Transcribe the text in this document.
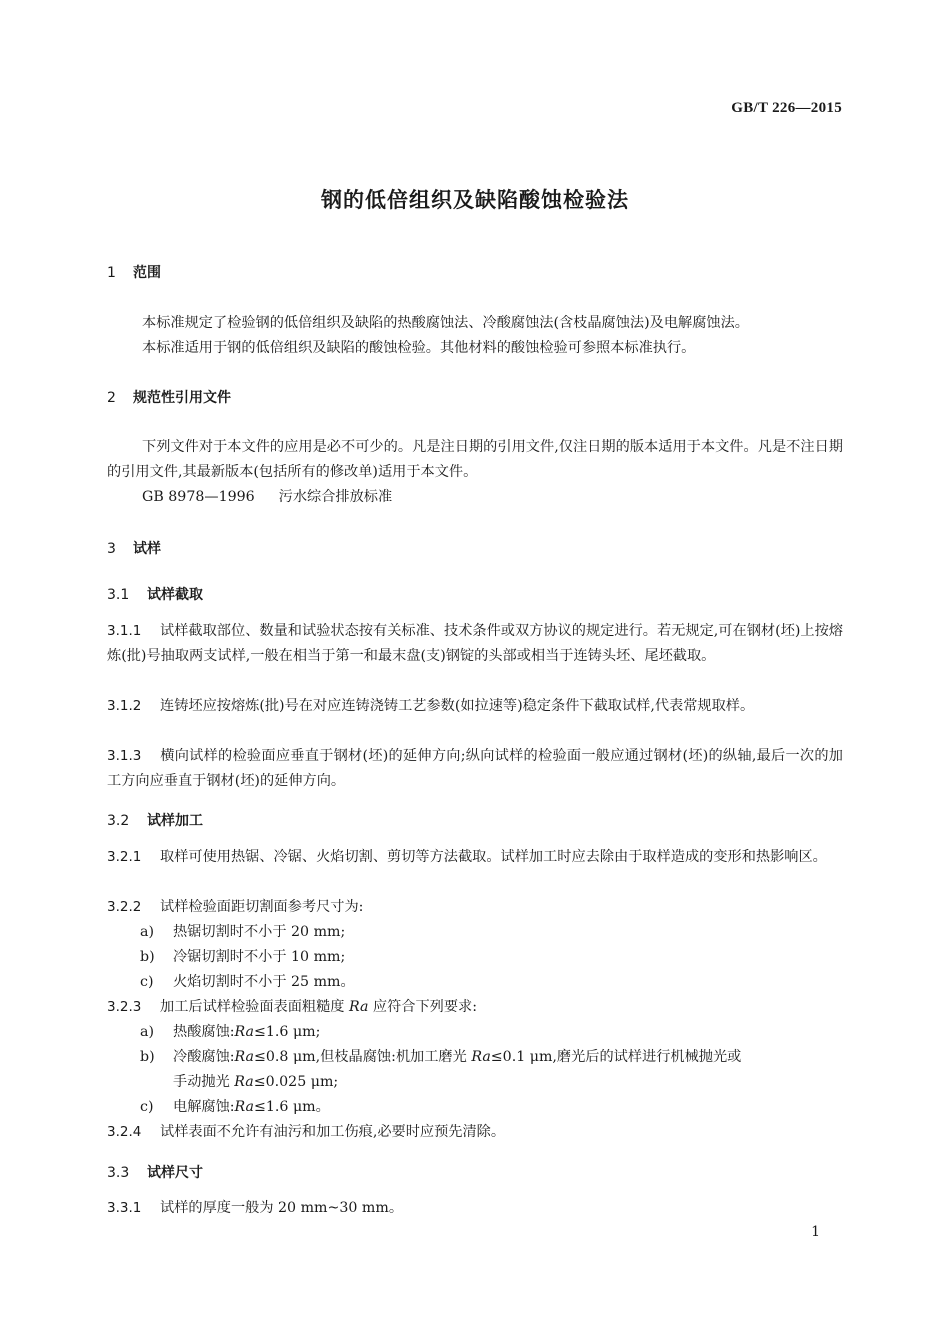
GB/T 226—2015
钢的低倍组织及缺陷酸蚀检验法
1 范围
本标准规定了检验钢的低倍组织及缺陷的热酸腐蚀法、冷酸腐蚀法(含枝晶腐蚀法)及电解腐蚀法。
本标准适用于钢的低倍组织及缺陷的酸蚀检验。其他材料的酸蚀检验可参照本标准执行。
2 规范性引用文件
下列文件对于本文件的应用是必不可少的。凡是注日期的引用文件,仅注日期的版本适用于本文件。凡是不注日期的引用文件,其最新版本(包括所有的修改单)适用于本文件。
GB 8978—1996 污水综合排放标准
3 试样
3.1 试样截取
3.1.1 试样截取部位、数量和试验状态按有关标准、技术条件或双方协议的规定进行。若无规定,可在钢材(坯)上按熔炼(批)号抽取两支试样,一般在相当于第一和最末盘(支)钢锭的头部或相当于连铸头坯、尾坯截取。
3.1.2 连铸坯应按熔炼(批)号在对应连铸浇铸工艺参数(如拉速等)稳定条件下截取试样,代表常规取样。
3.1.3 横向试样的检验面应垂直于钢材(坯)的延伸方向;纵向试样的检验面一般应通过钢材(坯)的纵轴,最后一次的加工方向应垂直于钢材(坯)的延伸方向。
3.2 试样加工
3.2.1 取样可使用热锯、冷锯、火焰切割、剪切等方法截取。试样加工时应去除由于取样造成的变形和热影响区。
3.2.2 试样检验面距切割面参考尺寸为:
a) 热锯切割时不小于 20 mm;
b) 冷锯切割时不小于 10 mm;
c) 火焰切割时不小于 25 mm。
3.2.3 加工后试样检验面表面粗糙度 Ra 应符合下列要求:
a) 热酸腐蚀:Ra≤1.6 μm;
b) 冷酸腐蚀:Ra≤0.8 μm,但枝晶腐蚀:机加工磨光 Ra≤0.1 μm,磨光后的试样进行机械抛光或
手动抛光 Ra≤0.025 μm;
c) 电解腐蚀:Ra≤1.6 μm。
3.2.4 试样表面不允许有油污和加工伤痕,必要时应预先清除。
3.3 试样尺寸
3.3.1 试样的厚度一般为 20 mm~30 mm。
1
